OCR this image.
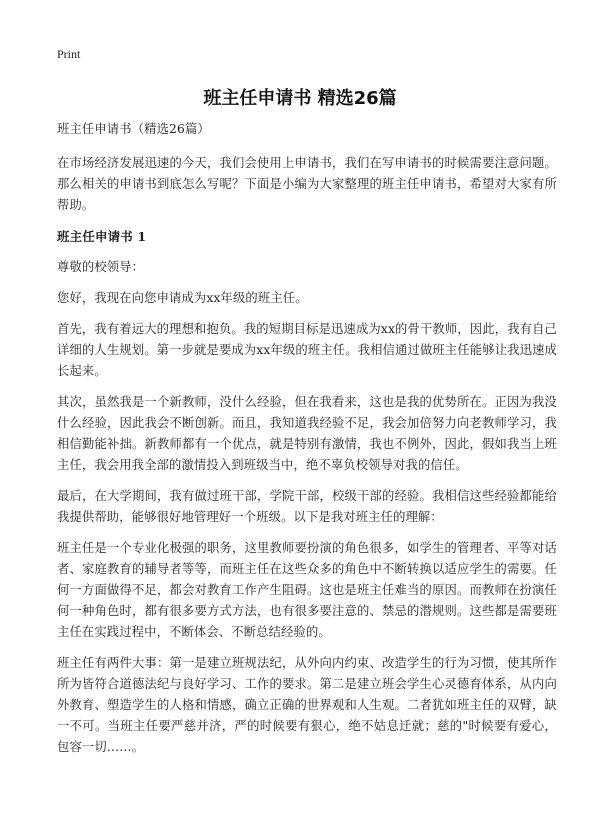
Print
班主任申请书 精选26篇

班主任申请书（精选26篇）

在市场经济发展迅速的今天，我们会使用上申请书，我们在写申请书的时候需要注意问题。那么相关的申请书到底怎么写呢？下面是小编为大家整理的班主任申请书，希望对大家有所帮助。

班主任申请书 1

尊敬的校领导：

您好，我现在向您申请成为xx年级的班主任。

首先，我有着远大的理想和抱负。我的短期目标是迅速成为xx的骨干教师，因此，我有自己详细的人生规划。第一步就是要成为xx年级的班主任。我相信通过做班主任能够让我迅速成长起来。

其次，虽然我是一个新教师，没什么经验，但在我看来，这也是我的优势所在。正因为我没什么经验，因此我会不断创新。而且，我知道我经验不足，我会加倍努力向老教师学习，我相信勤能补拙。新教师都有一个优点，就是特别有激情，我也不例外，因此，假如我当上班主任，我会用我全部的激情投入到班级当中，绝不辜负校领导对我的信任。

最后，在大学期间，我有做过班干部，学院干部，校级干部的经验。我相信这些经验都能给我提供帮助，能够很好地管理好一个班级。以下是我对班主任的理解：

班主任是一个专业化极强的职务，这里教师要扮演的角色很多，如学生的管理者、平等对话者、家庭教育的辅导者等等，而班主任在这些众多的角色中不断转换以适应学生的需要。任何一方面做得不足，都会对教育工作产生阻碍。这也是班主任难当的原因。而教师在扮演任何一种角色时，都有很多要方式方法，也有很多要注意的、禁忌的潜规则。这些都是需要班主任在实践过程中，不断体会、不断总结经验的。

班主任有两件大事：第一是建立班规法纪，从外向内约束、改造学生的行为习惯，使其所作所为皆符合道德法纪与良好学习、工作的要求。第二是建立班会学生心灵德育体系，从内向外教育、塑造学生的人格和情感，确立正确的世界观和人生观。二者犹如班主任的双臂，缺一不可。当班主任要严慈并济，严的时候要有狠心，绝不姑息迁就；慈的"时候要有爱心，包容一切……。
